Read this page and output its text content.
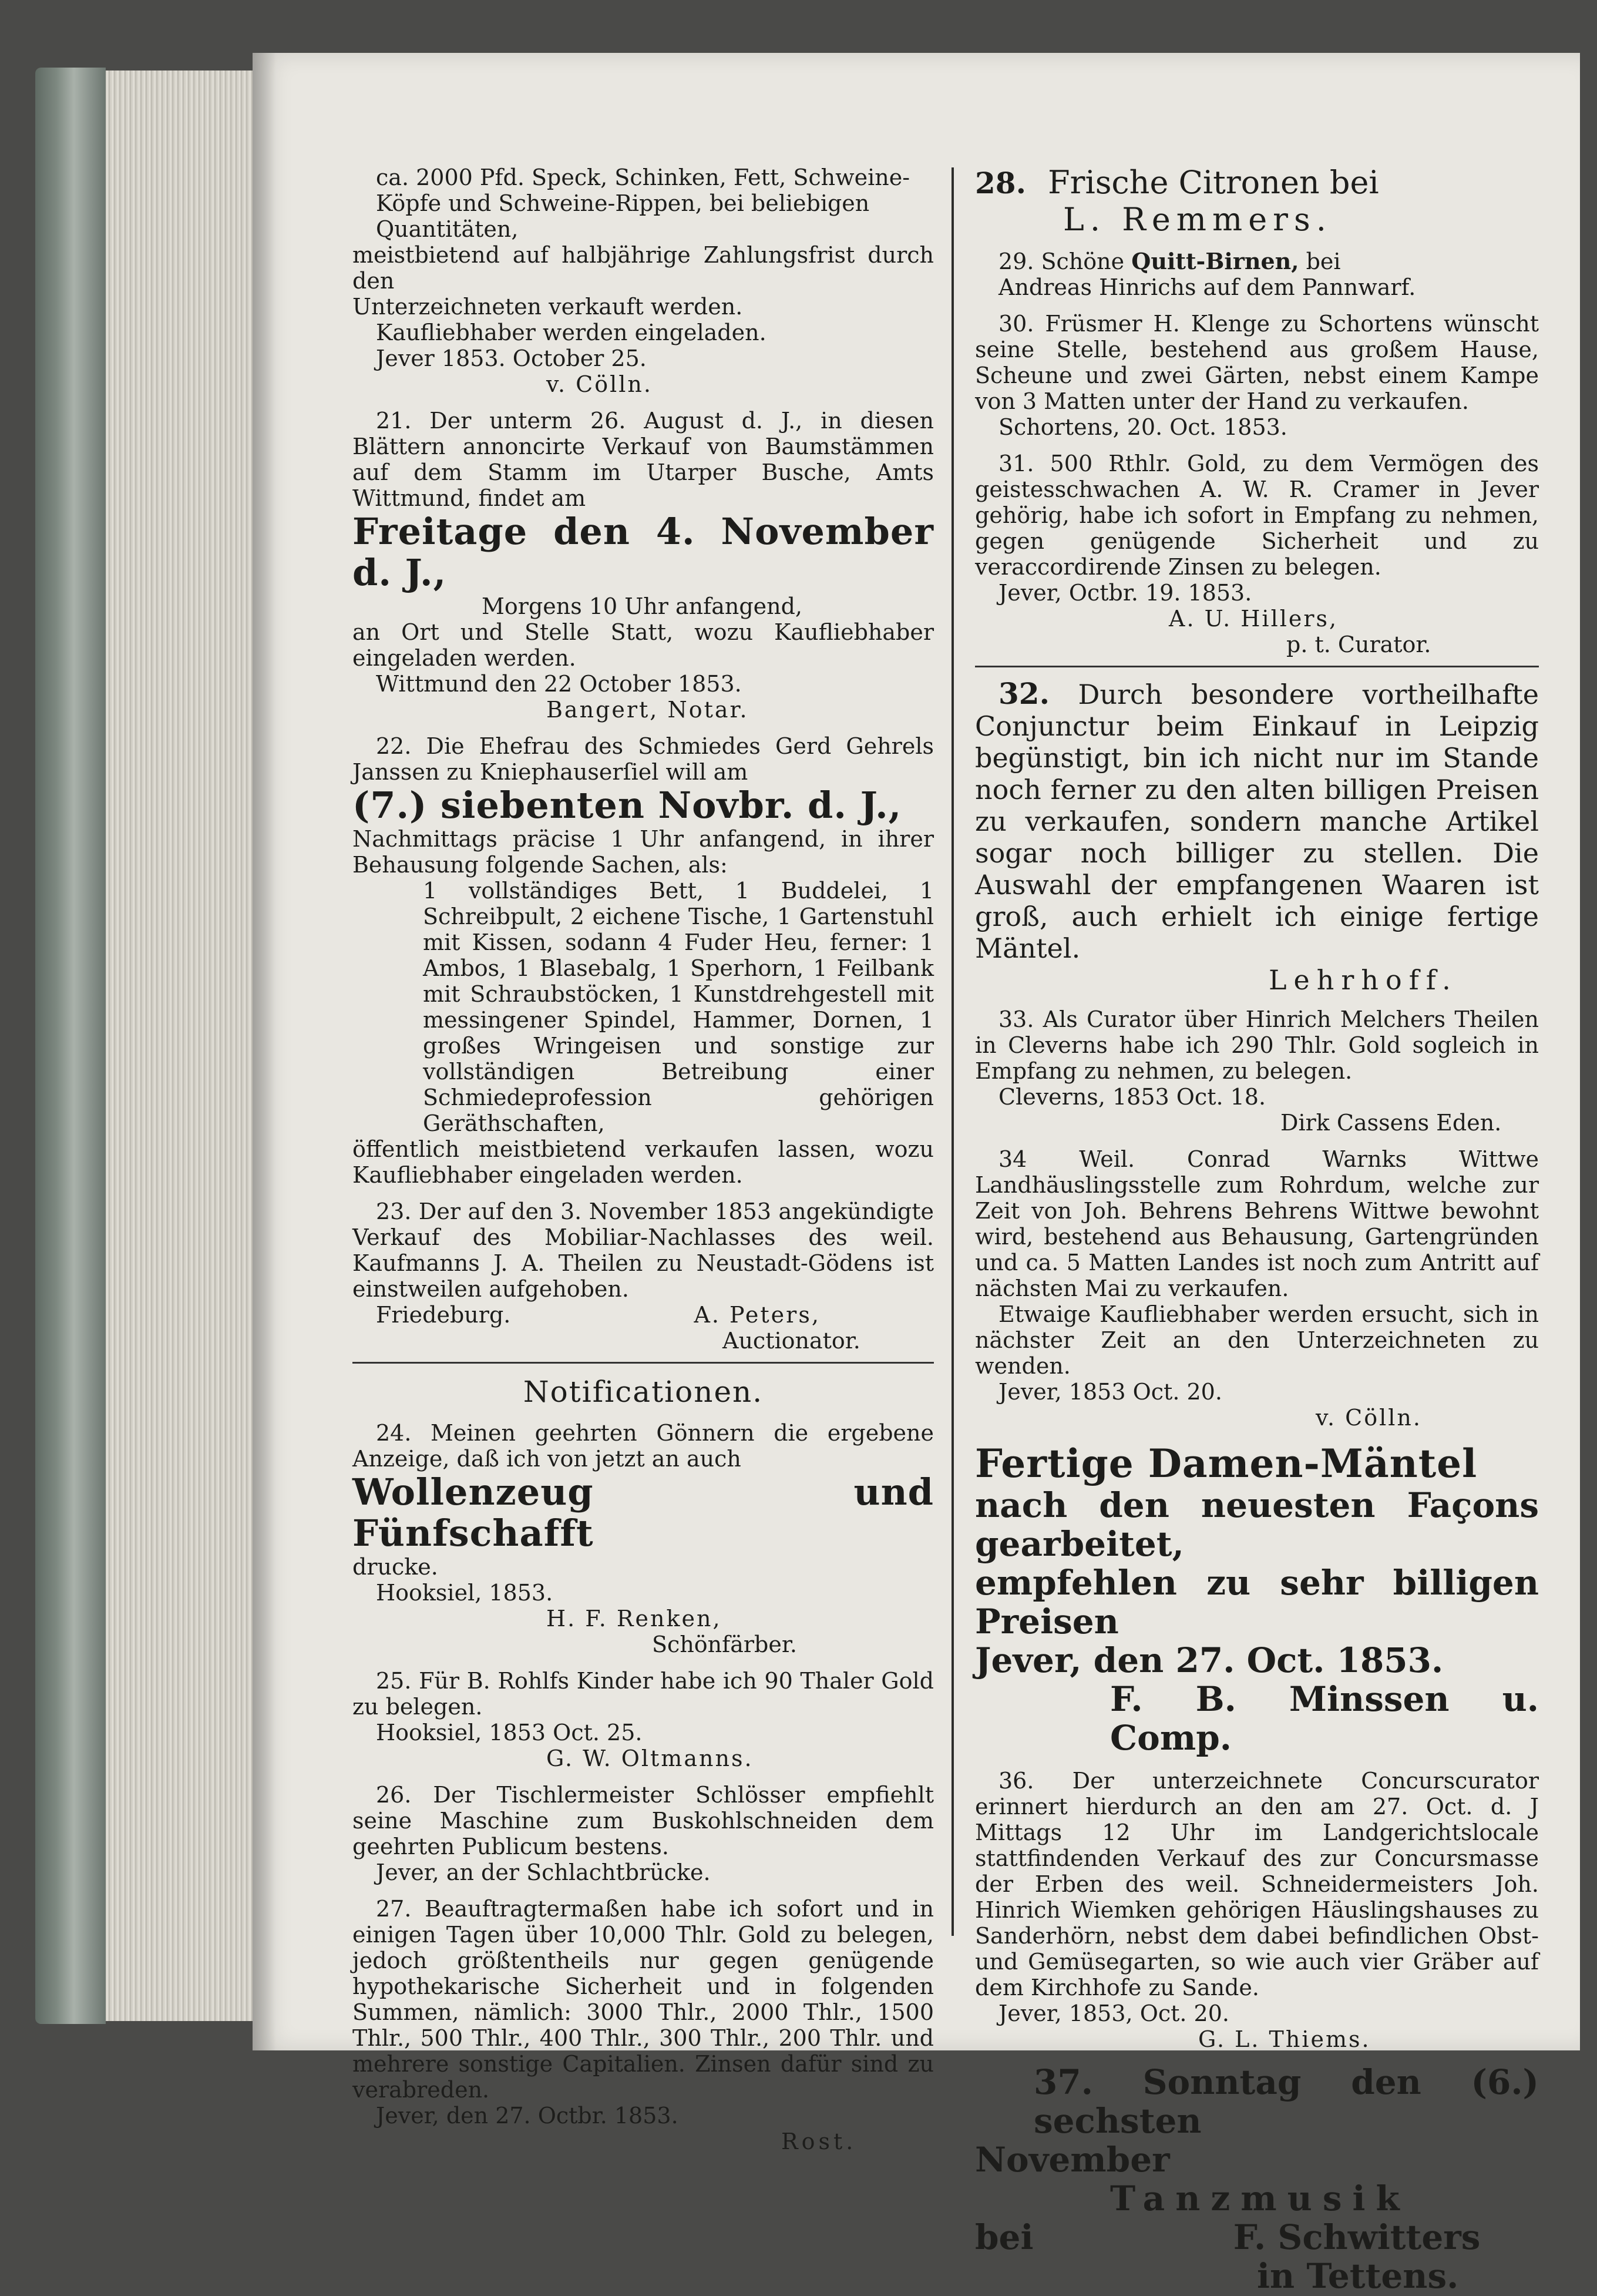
ca. 2000 Pfd. Speck, Schinken, Fett, Schweine-

Köpfe und Schweine-Rippen, bei beliebigen

Quantitäten,

meistbietend auf halbjährige Zahlungsfrist durch den

Unterzeichneten verkauft werden.

Kaufliebhaber werden eingeladen.

Jever 1853. October 25.

v. Cölln.

21. Der unterm 26. August d. J., in diesen Blättern annoncirte Verkauf von Baumstämmen auf dem Stamm im Utarper Busche, Amts Wittmund, findet am

Freitage den 4. November d. J.,

Morgens 10 Uhr anfangend,

an Ort und Stelle Statt, wozu Kaufliebhaber eingeladen werden.

Wittmund den 22 October 1853.

Bangert, Notar.

22. Die Ehefrau des Schmiedes Gerd Gehrels Janssen zu Kniephauserſiel will am

(7.) siebenten Novbr. d. J.,

Nachmittags präcise 1 Uhr anfangend, in ihrer Behausung folgende Sachen, als:

1 vollständiges Bett, 1 Buddelei, 1 Schreibpult, 2 eichene Tische, 1 Gartenstuhl mit Kissen, sodann 4 Fuder Heu, ferner: 1 Ambos, 1 Blasebalg, 1 Sperhorn, 1 Feilbank mit Schraubstöcken, 1 Kunstdrehgestell mit messingener Spindel, Hammer, Dornen, 1 großes Wringeisen und sonstige zur vollständigen Betreibung einer Schmiedeprofession gehörigen Geräthschaften,

öffentlich meistbietend verkaufen lassen, wozu Kaufliebhaber eingeladen werden.

23. Der auf den 3. November 1853 angekündigte Verkauf des Mobiliar-Nachlasses des weil. Kaufmanns J. A. Theilen zu Neustadt-Gödens ist einstweilen aufgehoben.

Friedeburg.	A. Peters,

Auctionator.

Notificationen.

24. Meinen geehrten Gönnern die ergebene Anzeige, daß ich von jetzt an auch

Wollenzeug und Fünfschafft

drucke.

Hooksiel, 1853.

H. F. Renken,

Schönfärber.

25. Für B. Rohlfs Kinder habe ich 90 Thaler Gold zu belegen.

Hooksiel, 1853 Oct. 25.

G. W. Oltmanns.

26. Der Tischlermeister Schlösser empfiehlt seine Maschine zum Buskohlschneiden dem geehrten Publicum bestens.

Jever, an der Schlachtbrücke.

27. Beauftragtermaßen habe ich sofort und in einigen Tagen über 10,000 Thlr. Gold zu belegen, jedoch größtentheils nur gegen genügende hypothekarische Sicherheit und in folgenden Summen, nämlich: 3000 Thlr., 2000 Thlr., 1500 Thlr., 500 Thlr., 400 Thlr., 300 Thlr., 200 Thlr. und mehrere sonstige Capitalien. Zinsen dafür sind zu verabreden.

Jever, den 27. Octbr. 1853.

Rost.

28. Frische Citronen bei

L. Remmers.

29. Schöne Quitt-Birnen, bei

Andreas Hinrichs auf dem Pannwarf.

30. Früsmer H. Klenge zu Schortens wünscht seine Stelle, bestehend aus großem Hause, Scheune und zwei Gärten, nebst einem Kampe von 3 Matten unter der Hand zu verkaufen.

Schortens, 20. Oct. 1853.

31. 500 Rthlr. Gold, zu dem Vermögen des geistesschwachen A. W. R. Cramer in Jever gehörig, habe ich sofort in Empfang zu nehmen, gegen genügende Sicherheit und zu veraccordirende Zinsen zu belegen.

Jever, Octbr. 19. 1853.

A. U. Hillers,

p. t. Curator.

32. Durch besondere vortheilhafte Conjunctur beim Einkauf in Leipzig begünstigt, bin ich nicht nur im Stande noch ferner zu den alten billigen Preisen zu verkaufen, sondern manche Artikel sogar noch billiger zu stellen. Die Auswahl der empfangenen Waaren ist groß, auch erhielt ich einige fertige Mäntel.

Lehrhoff.

33. Als Curator über Hinrich Melchers Theilen in Cleverns habe ich 290 Thlr. Gold sogleich in Empfang zu nehmen, zu belegen.

Cleverns, 1853 Oct. 18.

Dirk Cassens Eden.

34 Weil. Conrad Warnks Wittwe Landhäuslingsstelle zum Rohrdum, welche zur Zeit von Joh. Behrens Behrens Wittwe bewohnt wird, bestehend aus Behausung, Gartengründen und ca. 5 Matten Landes ist noch zum Antritt auf nächsten Mai zu verkaufen.

Etwaige Kaufliebhaber werden ersucht, sich in nächster Zeit an den Unterzeichneten zu wenden.

Jever, 1853 Oct. 20.

v. Cölln.

Fertige Damen-Mäntel

nach den neuesten Façons gearbeitet,

empfehlen zu sehr billigen Preisen

Jever, den 27. Oct. 1853.

F. B. Minssen u. Comp.

36. Der unterzeichnete Concurscurator erinnert hierdurch an den am 27. Oct. d. J Mittags 12 Uhr im Landgerichtslocale stattfindenden Verkauf des zur Concursmasse der Erben des weil. Schneidermeisters Joh. Hinrich Wiemken gehörigen Häuslingshauses zu Sanderhörn, nebst dem dabei befindlichen Obst- und Gemüsegarten, so wie auch vier Gräber auf dem Kirchhofe zu Sande.

Jever, 1853, Oct. 20.

G. L. Thiems.

37. Sonntag den (6.) sechsten

November

Tanzmusik

bei	F. Schwitters

in Tettens.
